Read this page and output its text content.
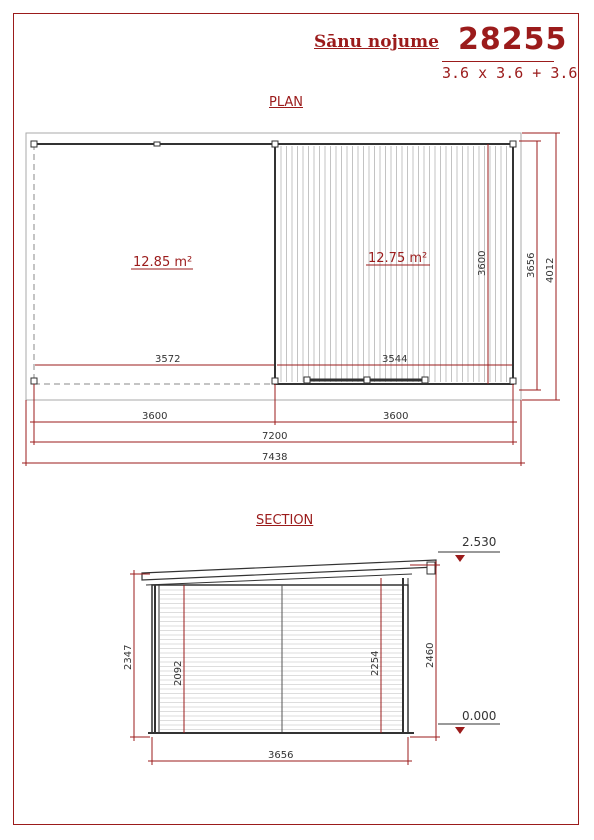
Sānu nojume 28255
3.6 x 3.6 + 3.6
PLAN
SECTION
3572	3544
3600
12.85 m²	12.75 m²	3656 4012
3600	3600
7200
7438
2092	2254
2347	2460
3656
2.530
0.000
